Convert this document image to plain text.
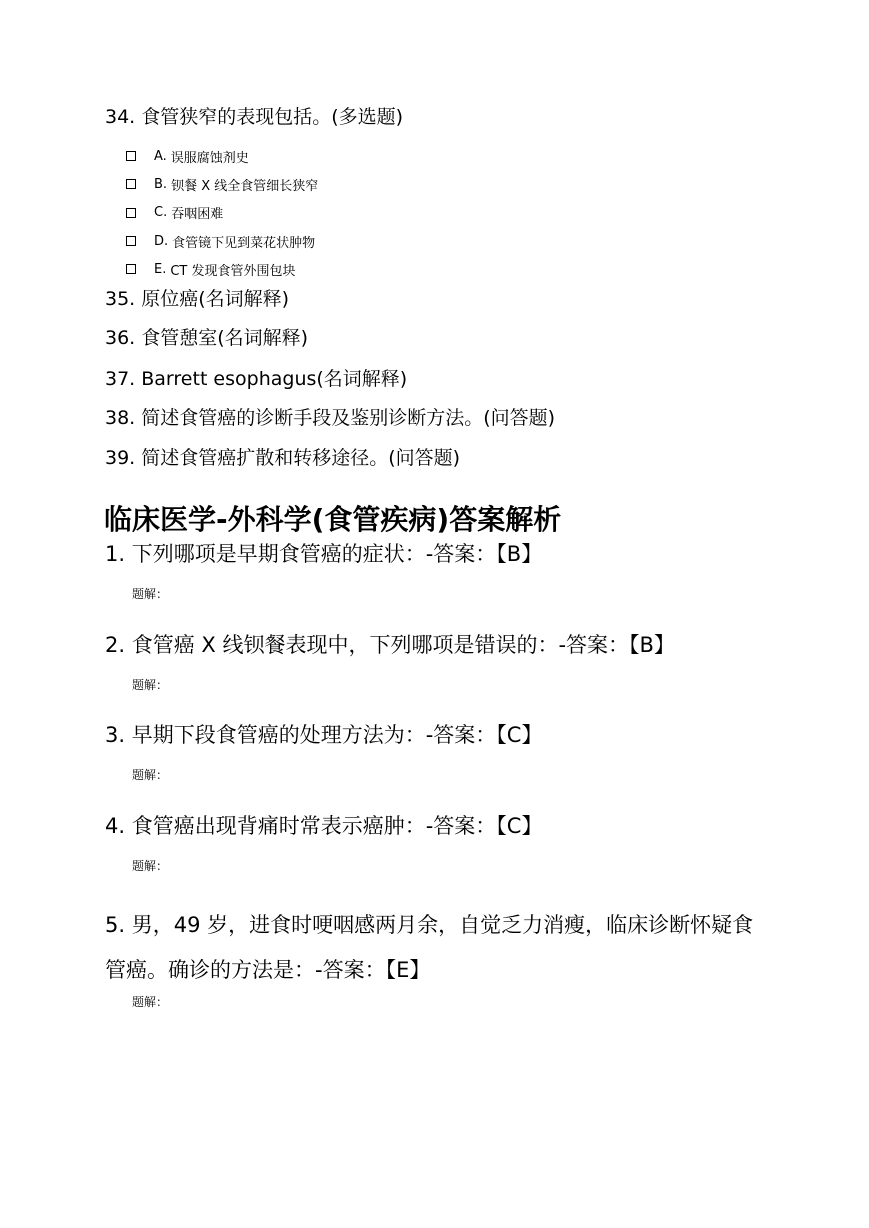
34. 食管狭窄的表现包括。(多选题)
A. 误服腐蚀剂史
B. 钡餐 X 线全食管细长狭窄
C. 吞咽困难
D. 食管镜下见到菜花状肿物
E. CT 发现食管外围包块
35. 原位癌(名词解释)
36. 食管憩室(名词解释)
37. Barrett esophagus(名词解释)
38. 简述食管癌的诊断手段及鉴别诊断方法。(问答题)
39. 简述食管癌扩散和转移途径。(问答题)
临床医学-外科学(食管疾病)答案解析
1. 下列哪项是早期食管癌的症状：-答案：【B】
题解：
2. 食管癌 X 线钡餐表现中，下列哪项是错误的：-答案：【B】
题解：
3. 早期下段食管癌的处理方法为：-答案：【C】
题解：
4. 食管癌出现背痛时常表示癌肿：-答案：【C】
题解：
5. 男，49 岁，进食时哽咽感两月余，自觉乏力消瘦，临床诊断怀疑食管癌。确诊的方法是：-答案：【E】
题解：
